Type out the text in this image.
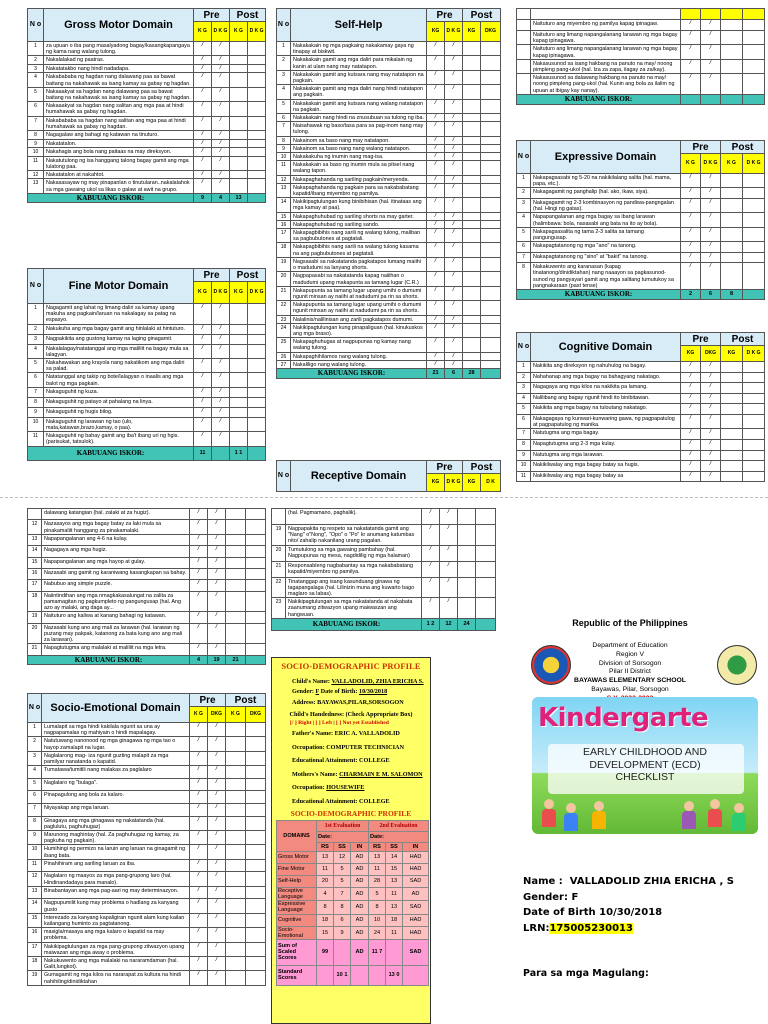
N o	Gross Motor Domain	Pre		Post	
		K G	D K G	K G	D K G
1	za upuan o iba pang masalyadong bagay/kasangkapangaya ng kama nang walang tulong.	/	/		
2	Nakalalakad ng paatras.	/	/		
3	Nakatatakbo nang hindi nadadapa.	/	/		
4	Nakabababa ng hagdan nang dalawang paa sa bawat baitang na nakahawak sa isang kamay sa gabay ng hagdan.	/	/		
5	Nakaaakyat sa hagdan nang dalawang paa sa bawat baitang na nakahawak sa isang kamay sa gabay ng hagdan.	/	/		
6	Nakaaakyat sa hagdan nang salitan ang mga paa at hindi humahawak sa gabay ng hagdan.	/	/		
7	Nakabababa sa hagdan nang salitan ang mga paa at hindi humahawak sa gabay ng hagdan.	/	/		
8	Nagagalaw ang bahagi ng katawan na tinuturo.	/	/		
9	Nakatatalon.	/	/		
10	Nakahagis ang bola nang paitaas na may direksyon.	/	/		
11	Nakatutulong ng isa hanggang talong bagay gamit ang mga lulatong paa.	/	/		
12	Nakatatalon at nakahtot.	/	/		
13	Nakasasayaw ng may pinapanlan o tinutularan..nakalalahok sa mga gawaing ukol sa likas o galaw at awit na grupo.	/	/		
KABUUANG ISKOR:		9	4	13	
N o	Fine Motor Domain	Pre		Post	
		K G	D K G	K G	D K G
1	Nagagamit ang lahat ng limang daliri sa kamay upang makuha ang pagkain/laruan na nakalagay sa patag na espasyo.	/	/		
2	Nakukuha ang mga bagay gamit ang hinlalaki at hintuturo.	/	/		
3	Nagpakikita ang gustong kamay na laging ginagamit.	/	/		
4	Nakalalagay/natatanggal ang mga maliliit na bagay mula sa lalagyan.	/	/		
5	Nakahawakan ang krayola nang nakatikom ang mga daliri sa palad.	/	/		
6	Natatanggal ang takip ng bote/lalagyan o inaalis ang mga balot ng mga pagkain.	/	/		
7	Nakaguguhit ng kuza.	/	/		
8	Nakaguguhit ng patayo at pahalang na linya.	/	/		
9	Nakaguguhit ng hugis bilog.	/	/		
10	Nakaguguhit ng larawan ng tao (ulo, mata,katawan,brazo,kamay, o paa).	/	/		
11	Nakaguguhit ng bahay gamit ang iba't ibang uri ng hgis. (parisukat, tatsulok).	/	/		
KABUUANG ISKOR:		11		1 1	
N o	Self-Help	Pre		Post	
		KG	D K G	KG	DKG
1	Nakakakain ng mga pagkaing nakakamay gaya ng tinapay at biskwit.	/	/		
2	Nakakakain gamit ang mga daliri para mikalain ng kanin at ulam nang may natatapon.	/	/		
3	Nakakakain gamit ang kutsara nang may natatapon na pagkain.	/	/		
4	Nakakakain gamit ang mga daliri nang hindi natatapon ang pagkain.	/	/		
5	Nakakakain gamit ang kutsara nang walang natatapon na pagkain.	/	/		
6	Nakakakain nang hindi na znusubuan sa tulong ng iba.	/	/		
7	Naisahawak ng baso/tasa para sa pag-inom nang may tulong.	/	/		
8	Nakainom sa baso nang may natatapon.	/	/		
9	Nakainom sa baso nang nang walang natatapon.	/	/		
10	Nakakakuha ng inumin nang mag-isa.	/	/		
11	Nakakakain sa baso ng inumin mula sa pitsel nang walang tapon.	/	/		
12	Nakapaghahanda ng sariling pagkain/meryenda.	/	/		
13	Nakapaghahanda ng pagkain para sa nakababatang kapatid/ibang miyembro ng pamilya.	/	/		
14	Nakikipagtulungan kung binibihisan (hal. itinataas ang mga kamay at paa).	/	/		
15	Nakapaghuhubad ng sariling shorts na may garter.	/	/		
16	Nakapaghuhubad ng sariling sando.	/	/		
17	Nakapagbibihis nang sarili ng walang tulong, maliban sa pagbubutones at pagtatali.	/	/		
18	Nakapagbibihis nang sarili na walang tulong kasama na ang pagbubutones at pagtatali.	/	/		
19	Nagsasabi sa nakatatanda pagkatapos lumang maiihi o madudumi sa lanyang shorts.	/	/		
20	Nagpapasabi sa nakatatanda kapag naiiihan o madudumi upang makapunta sa tamang lugar (C.R.)	/	/		
21	Nakapupunta sa tamang lugar upang umihi o dumumi ngunit minsan ay naiihi at nadudumi pa rin sa shorts.	/	/		
22	Nakapupunta sa tamang lugar upang umihi o dumumi ngunit minsan ay naiihi at nadudumi pa rin sa shorts.	/	/		
23	Nalalinis/nalilinisan ang zarili pagkatapos dumumi.	/	/		
24	Nakikipagtulungan kung pinapaliguan (hal. kinukuskos ang mga braso).	/	/		
25	Nakapaghuhugas at nagpupunas ng kamay nang walang tulong.	/	/		
26	Nakapaghihilamos nang walang tulong.	/	/		
27	Nakaliligo nang walang tulong.	/	/		
KABUUANG ISKOR:		21	6	28	
N o	Receptive Domain	Pre		Post	
		KG	D K G	KG	D K

	Naituturo ang miyembro ng pamilya kapag ipinagaw.	/	/		
	Naituturo ang limang napangalanang larawan ng mga bagay kapag ipinagawa.	/	/		
	Naituturo ang limang napangalanang larawan ng mga bagay kapag ipinagawa.	/	/		
	Nakasusunod sa isang hakbang na panuto na may/ noong pimpleng pang-ukol (hal. Iza za zapa, ilagay za za/kay).	/	/		
	Nakasusunod sa dalawang hakbang na panuto na may/ noong pimpleng pang-ukol (hal. Kunin ang bola za ilalim ng upuan at ibigay kay nanay).	/	/		
KABUUANG ISKOR:					
N o	Expressive Domain	Pre		Post	
		K G	D K G	K G	D K G
1	Nakapagsasabi ng 5-20 na nakikilalang salita (hal. mama, papa, etc.).	/	/		
2	Nakagagamit ng panghalip (hal. ako, ikaw, siya).	/	/		
3	Nakagagamit ng 2-3 kombinasyon ng pandiwa-pangngalan (hal. Hingi ng gatas).	/	/		
4	Napapangalanan ang mga bagay sa ibang larawan (halimbawa: bola, nasasabi ang bata na ito ay bola).	/	/		
5	Nakapagsasalita ng tama 2-3 salita sa tamang pangungusap.	/	/		
6	Nakapagtatanong ng mga "ano" na tanong.	/	/		
7	Nakapagtatanong ng "sino" at "bakit" na tanong.	/	/		
8	Nakakuwento ang karanasan (kapag tinatanong/dinidiktahan) nang naaayon sa pagkasunod-sunod ng pangyayari gamit ang mga salitang tumutukoy sa pangnakaraan (past tense)	/	/		
KABUUANG ISKOR:		2	6	8	
N o	Cognitive Domain	Pre		Post	
		KG	DKG	KG	D K G
1	Nakikita ang direksyon ng nahuhulog na bagay.	/	/		
2	Nahahanap ang mga bagay na bahagyang nakatago.	/	/		
3	Nagagaya ang mga kilos na nakikita pa lamang.	/	/		
4	Nalilibang ang bagay ngunit hindi ito binibitawan.	/	/		
5	Nakikita ang mga bagay na tuloutang nakatago.	/	/		
6	Nakagagaya ng kunwari-kunwaring gawa, ng pagpapatulog at pagpapatulog ng manika.	/	/		
7	Natutugma ang mga bagay.	/	/		
8	Napagtutugma ang 2-3 mga kulay.	/	/		
9	Natutugma ang mga larawan.	/	/		
10	Nakikilwalay ang mga bagay batay sa hugis.	/	/		
11	Nakikilwalay ang mga bagay batay sa	/	/		
	dalawang katangian (hal. zalaki at za hugiz).	/	/		
12	Nazasayos ang mga bagay batay za laki mula sa pinakamaliit hanggang za pinakamalaki.	/	/		
13	Napapangalanan ang 4-6 na kulay.	/	/		
14	Nagagaya ang mga hugiz.	/	/		
15	Napapangalanan ang mga hayop at gulay.	/	/		
16	Nazasabi ang gamit ng karaniwang kasangkapan sa bahay.	/	/		
17	Nabubuo ang simple puzzle.	/	/		
18	Naiintindihan ang mga nmagkakasalungat na zalita za pamamagitan ng pagkumpleto ng pangungusap (hal. Ang azo ay malaki, ang daga ay...	/	/		
19	Naituturo ang kaliwa at kanang bahagi ng katawan.	/	/		
20	Nazasabi kung ano ang mali za larawan (hal. larawan ng puzang may pakpak, katanong za bata kung ano ang mali za larawan).	/	/		
21	Napagtutugma ang malalaki at maliliit na mga letra.	/	/		
KABUUANG ISKOR:		4	19	21	
N o	Socio-Emotional Domain	Pre		Post	
		K G	DKG	K G	DKG
1	Lumalapit sa mga hindi kakilala ngunit sa una ay nagpapamalas ng mahiyain o hindi mapalagay.	/	/		
2	Natutuwang nanonood ng mga ginagawa ng mga tao o hayop zamalapit na lugar.	/	/		
3	Naglalarong mag- iza ngunit guzting malapit za mga pamilyar nanatanda o kapatid.	/	/		
4	Tumatawa/tumitili nang malakas za paglalaro	/	/		
5	Naglalaro ng "bulaga".	/	/		
6	Pinapagulong ang bola za kalaro.	/	/		
7	Niyayakap ang mga laruan.	/	/		
8	Ginagaya ang mga ginagawa ng nakatatanda (hal. paglulutu, paghuhugaz)	/	/		
9	Marunong maghintay (hal. Za paghuhugaz ng kamay, za pagkuha ng pagkain).	/	/		
10	Humihingi ng permizo na laruin ang laruan na ginagamit ng ibang bata.	/	/		
11	Pinahihiram ang sariling laruan za iba.	/	/		
12	Naglalaro ng maayos za mga pang-grupong laro (hal. Hindinandadaya para manalo).	/	/		
13	Binabantayan ang mga pag-aari ng may determinazyon.	/	/		
14	Nagpupumilit kung may problema o hadlang za kanyang gusto	/	/		
15	Interezado za kanyang kapaligiran ngunit alam kung kailan kailangang huminto za pagtatanong.	/	/		
16	masigla/masaya ang mga kalaro o kapatid na may problema.	/	/		
17	Nakikipagtulungan za mga pang-grupong zitwazyon upang maiwazan ang mga away o problema.	/	/		
18	Nakukuwento ang mga malalaki na nararamdaman (hal. Galit,lungkot).	/	/		
19	Gumagamit ng mga kilos na nararapat za kultura na hindi nahihiling/dinidiktahan	/	/		
	(hal. Pagmamano, paghalik).	/	/		
19	Nagpapakita ng respeto sa nakatatanda gamit ang "Nang" o"Nong", "Opo" o "Po" kr anumang katumbas nito/ zahalip nakanilang urang pagalan.	/	/		
20	Tumutulong sa mga gawaing pambahay (hal. Nagpupunas ng mesa, nagdidilig ng mga halaman)	/	/		
21	Responsableng nagbabantay sa mga nakababatang kapatid/miyembro ng pamilya.	/	/		
22	Tinatanggap ang isang kasunduang ginawa ng tagapangalaga (hal. Lilinizin muna ang kuwarto bago maglaro sa labas).	/	/		
23	Nakikipagtulungan sa mga nakatatanda at nakabata zaanumang zitwazyon upang maiwaszan ang hangwuan.	/	/		
KABUUANG ISKOR:		1 2	12	24	
SOCIO-DEMOGRAPHIC PROFILE
Child's Name: VALLADOLID, ZHIA ERICHA S.
Gender: F Date of Birth: 10/30/2018
Address: BAYAWAS,PILAR,SORSOGON
Child's Handedness: (Check Appropriate Box)
[/ ] Right | [ ] Left | [ ] Not yet Established
Father's Name: ERIC A. VALLADOLID
Occupation: COMPUTER TECHNICIAN
Educational Attainment: COLLEGE
Mothers's Name: CHARMAIN E M. SALOMON
Occupation: HOUSEWIFE
Educational Attainment: COLLEGE
SOCIO-DEMOGRAPHIC PROFILE
DOMAINS	1st Evaluation			2nd Evaluation		
	Date:			Date:		
	RS	SS	IN	RS	SS	IN
Gross Motor	13	12	AD	13	14	HAD
Fine Motor	11	5	AD	11	15	HAD
Self-Help	20	5	AD	28	13	SAD
Receptive Language	4	7	AD	5	11	AD
Expressive Language	8	8	AD	8	13	SAD
Cognitive	18	6	AD	10	18	HAD
Socio-Emotional	15	9	AD	24	11	HAD
Sum of Scaled Scores	99		AD	11 7		SAD
Standard Scores		10 1			13 0	
Republic of the Philippines
Department of Education
Region V
Division of Sorsogon
Pilar II District
BAYAWAS ELEMENTARY SCHOOL
Bayawas, Pilar, Sorsogon
Kindergarte
EARLY CHILDHOOD AND
DEVELOPMENT (ECD)
CHECKLIST
Name : VALLADOLID ZHIA ERICHA , S
Gender: F
Date of Birth 10/30/2018
LRN:175005230013
Para sa mga Magulang:
